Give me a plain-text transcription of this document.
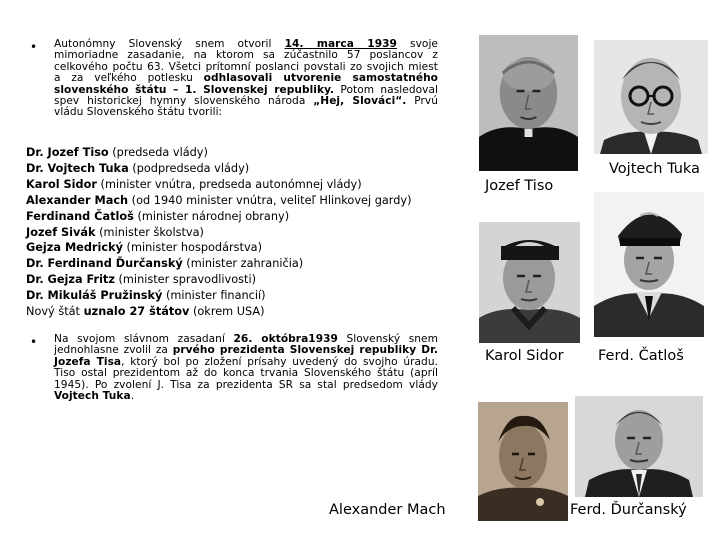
• Autonómny Slovenský snem otvoril 14. marca 1939 svoje mimoriadne zasadanie, na ktorom sa zúčastnilo 57 poslancov z celkového počtu 63. Všetci prítomní poslanci povstali zo svojich miest a za veľkého potlesku odhlasovali utvorenie samostatného slovenského štátu – 1. Slovenskej republiky. Potom nasledoval spev historickej hymny slovenského národa „Hej, Slováci“. Prvú vládu Slovenského štátu tvorili:
Dr. Jozef Tiso (predseda vlády)
Dr. Vojtech Tuka (podpredseda vlády)
Karol Sidor (minister vnútra, predseda autonómnej vlády)
Alexander Mach (od 1940 minister vnútra, veliteľ Hlinkovej gardy)
Ferdinand Čatloš (minister národnej obrany)
Jozef Sivák (minister školstva)
Gejza Medrický (minister hospodárstva)
Dr. Ferdinand Ďurčanský (minister zahraničia)
Dr. Gejza Fritz (minister spravodlivosti)
Dr. Mikuláš Pružinský (minister financií)
Nový štát uznalo 27 štátov (okrem USA)
• Na svojom slávnom zasadaní 26. októbra1939 Slovenský snem jednohlasne zvolil za prvého prezidenta Slovenskej republiky Dr. Jozefa Tisa, ktorý bol po zložení prísahy uvedený do svojho úradu. Tiso ostal prezidentom až do konca trvania Slovenského štátu (apríl 1945). Po zvolení J. Tisa za prezidenta SR sa stal predsedom vlády Vojtech Tuka.
Jozef Tiso
Vojtech Tuka
Karol Sidor Ferd. Čatloš
Alexander Mach	Ferd. Ďurčanský
